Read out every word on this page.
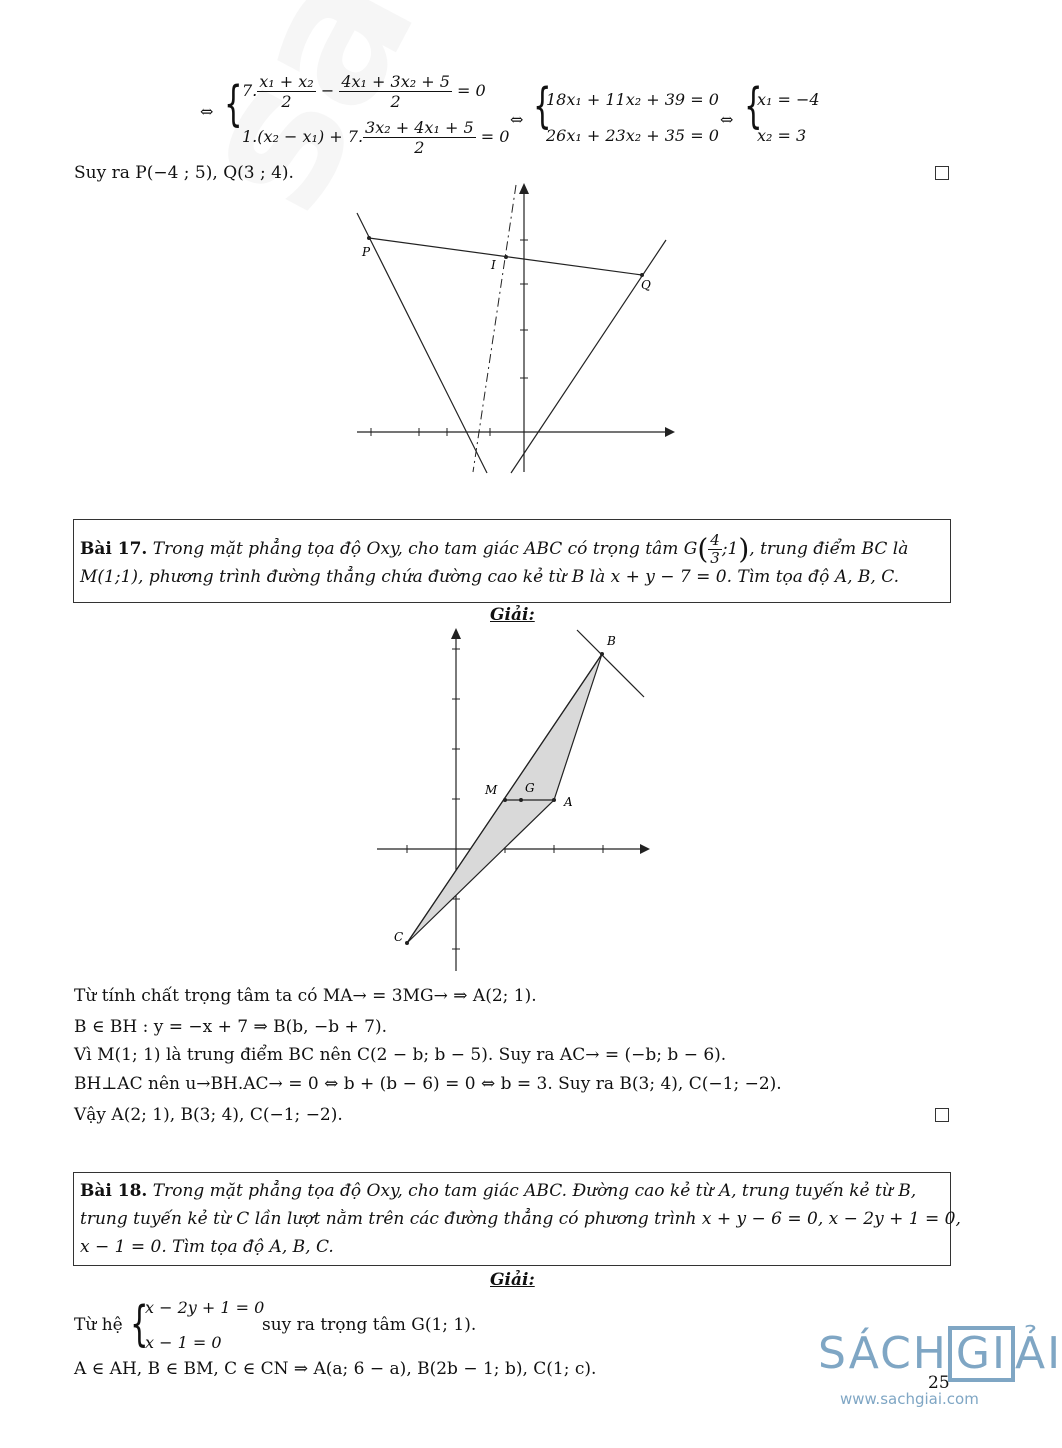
⇔ { 7. $\frac{\text{x₁ + x₂}}{2} - \frac{\text{4x₁ + 3x₂ + 5}}{2} = 0$
1.(x₂ − x₁) + 7. $\frac{\text{3x₂ + 4x₁ + 5}}{2} = 0$
⇔ {
18x₁ + 11x₂ + 39 = 0
26x₁ + 23x₂ + 35 = 0
⇔ {
x₁ = −4
x₂ = 3
Suy ra P(−4 ; 5), Q(3 ; 4).
P
I
Q
Bài 17. Trong mặt phẳng tọa độ Oxy, cho tam giác ABC có trọng tâm $G( \frac{4}{3}$ ;1), trung điểm BC là
M(1;1), phương trình đường thẳng chứa đường cao kẻ từ B là x + y − 7 = 0. Tìm tọa độ A, B, C.
Giải:
B
M G
A
C
Từ tính chất trọng tâm ta có MA→ = 3MG→ ⇒ A(2; 1).
B ∈ BH : y = −x + 7 ⇒ B(b, −b + 7).
Vì M(1; 1) là trung điểm BC nên C(2 − b; b − 5). Suy ra AC→ = (−b; b − 6).
BH⊥AC nên u→BH.AC→ = 0 ⇔ b + (b − 6) = 0 ⇔ b = 3. Suy ra B(3; 4), C(−1; −2).
Vậy A(2; 1), B(3; 4), C(−1; −2).
Bài 18. Trong mặt phẳng tọa độ Oxy, cho tam giác ABC. Đường cao kẻ từ A, trung tuyến kẻ từ B,
trung tuyến kẻ từ C lần lượt nằm trên các đường thẳng có phương trình x + y − 6 = 0, x − 2y + 1 = 0,
x − 1 = 0. Tìm tọa độ A, B, C.
Giải:
Từ hệ {
x − 2y + 1 = 0
x − 1 = 0
suy ra trọng tâm G(1; 1).
A ∈ AH, B ∈ BM, C ∈ CN ⇒ A(a; 6 − a), B(2b − 1; b), C(1; c).	SÁCH GI ẢI
www.sachgiai.com
25
